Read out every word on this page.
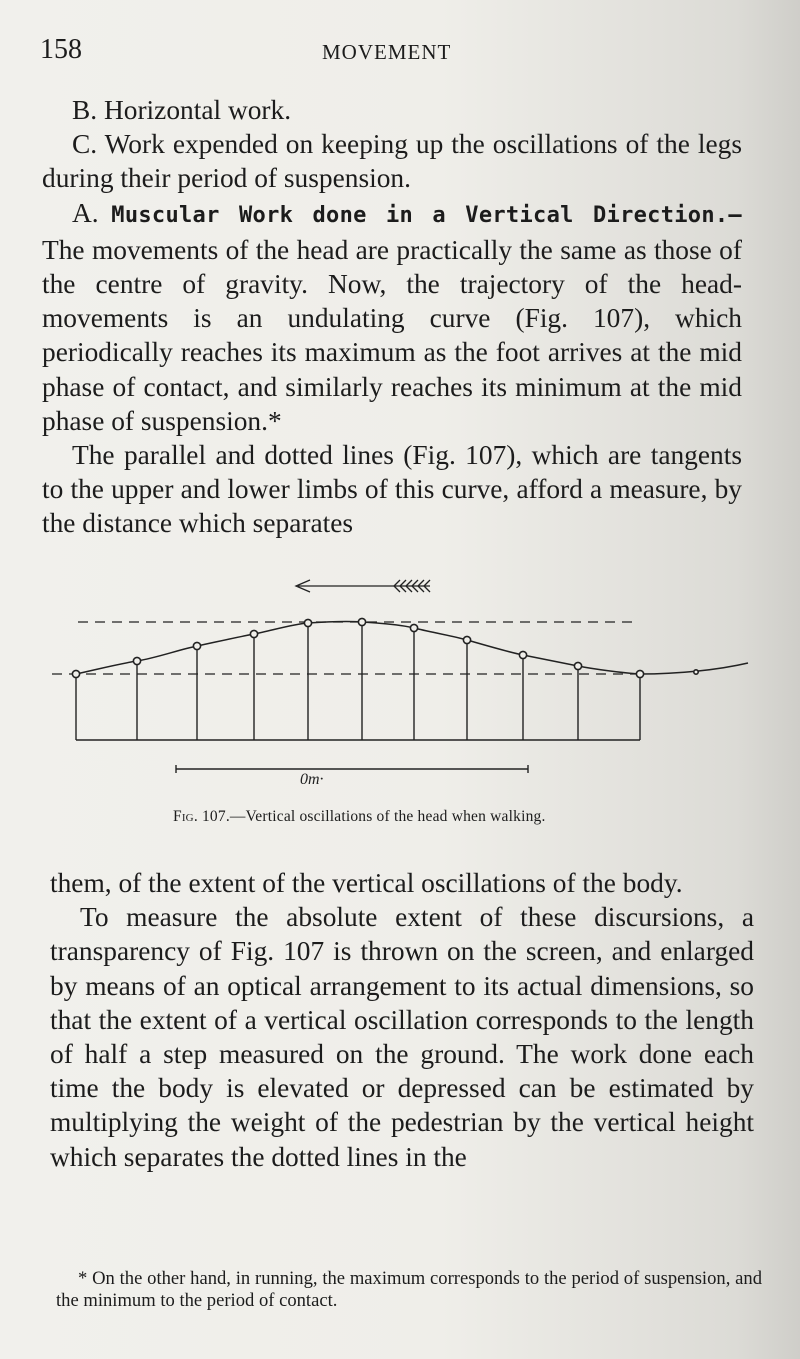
158	MOVEMENT

B. Horizontal work.

C. Work expended on keeping up the oscillations of the legs during their period of suspension.

A. Muscular Work done in a Vertical Direction.— The movements of the head are practically the same as those of the centre of gravity. Now, the trajectory of the head-movements is an undulating curve (Fig. 107), which periodically reaches its maximum as the foot arrives at the mid phase of contact, and similarly reaches its minimum at the mid phase of suspension.*

The parallel and dotted lines (Fig. 107), which are tangents to the upper and lower limbs of this curve, afford a measure, by the distance which separates

0m·
Fig. 107.—Vertical oscillations of the head when walking.

them, of the extent of the vertical oscillations of the body.

To measure the absolute extent of these discursions, a transparency of Fig. 107 is thrown on the screen, and enlarged by means of an optical arrangement to its actual dimensions, so that the extent of a vertical oscillation corresponds to the length of half a step measured on the ground. The work done each time the body is elevated or depressed can be estimated by multiplying the weight of the pedestrian by the vertical height which separates the dotted lines in the

* On the other hand, in running, the maximum corresponds to the period of suspension, and the minimum to the period of contact.
